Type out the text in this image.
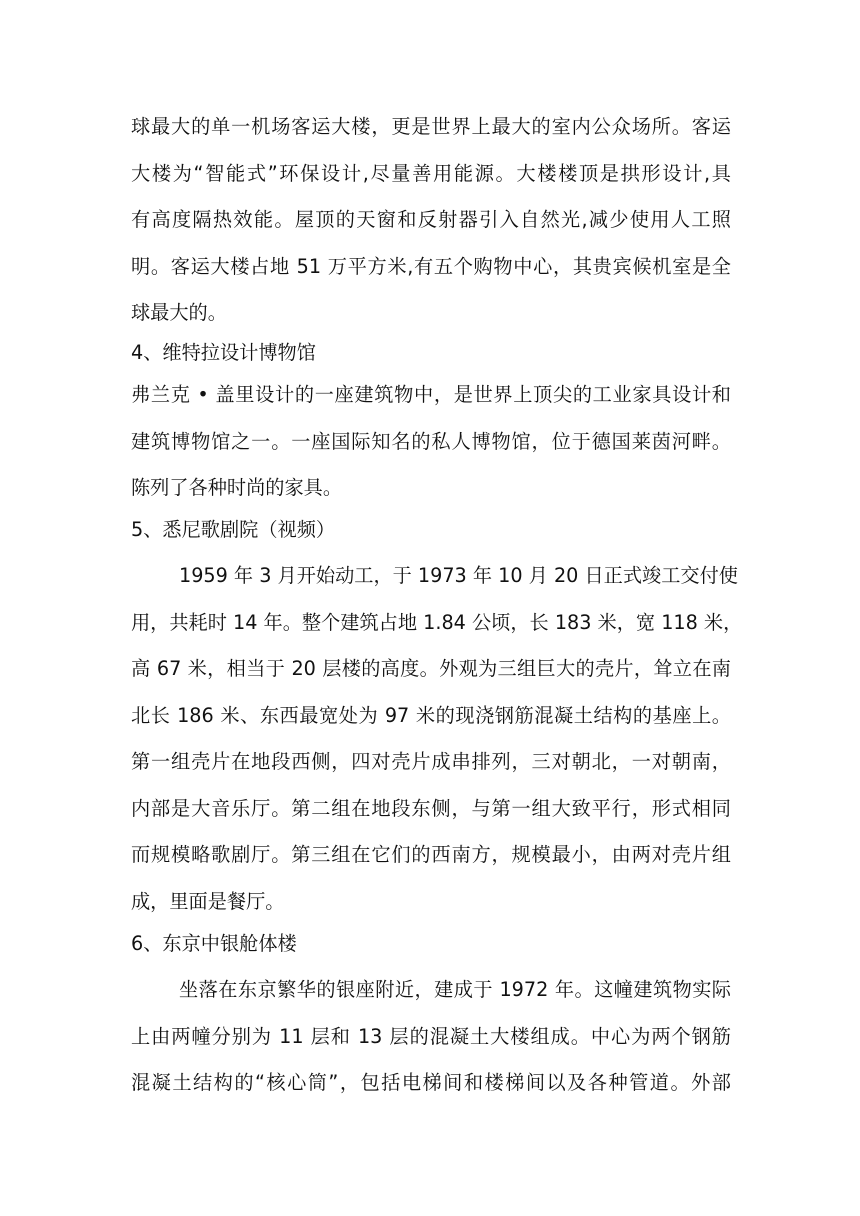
球最大的单一机场客运大楼，更是世界上最大的室内公众场所。客运
大楼为“智能式”环保设计,尽量善用能源。大楼楼顶是拱形设计,具
有高度隔热效能。屋顶的天窗和反射器引入自然光,减少使用人工照
明。客运大楼占地 51 万平方米,有五个购物中心，其贵宾候机室是全
球最大的。
4、维特拉设计博物馆
弗兰克 • 盖里设计的一座建筑物中，是世界上顶尖的工业家具设计和
建筑博物馆之一。一座国际知名的私人博物馆，位于德国莱茵河畔。
陈列了各种时尚的家具。
5、悉尼歌剧院（视频）
1959 年 3 月开始动工，于 1973 年 10 月 20 日正式竣工交付使
用，共耗时 14 年。整个建筑占地 1.84 公顷，长 183 米，宽 118 米，
高 67 米，相当于 20 层楼的高度。外观为三组巨大的壳片，耸立在南
北长 186 米、东西最宽处为 97 米的现浇钢筋混凝土结构的基座上。
第一组壳片在地段西侧，四对壳片成串排列，三对朝北，一对朝南，
内部是大音乐厅。第二组在地段东侧，与第一组大致平行，形式相同
而规模略歌剧厅。第三组在它们的西南方，规模最小，由两对壳片组
成，里面是餐厅。
6、东京中银舱体楼
坐落在东京繁华的银座附近，建成于 1972 年。这幢建筑物实际
上由两幢分别为 11 层和 13 层的混凝土大楼组成。中心为两个钢筋
混凝土结构的“核心筒”，包括电梯间和楼梯间以及各种管道。外部
